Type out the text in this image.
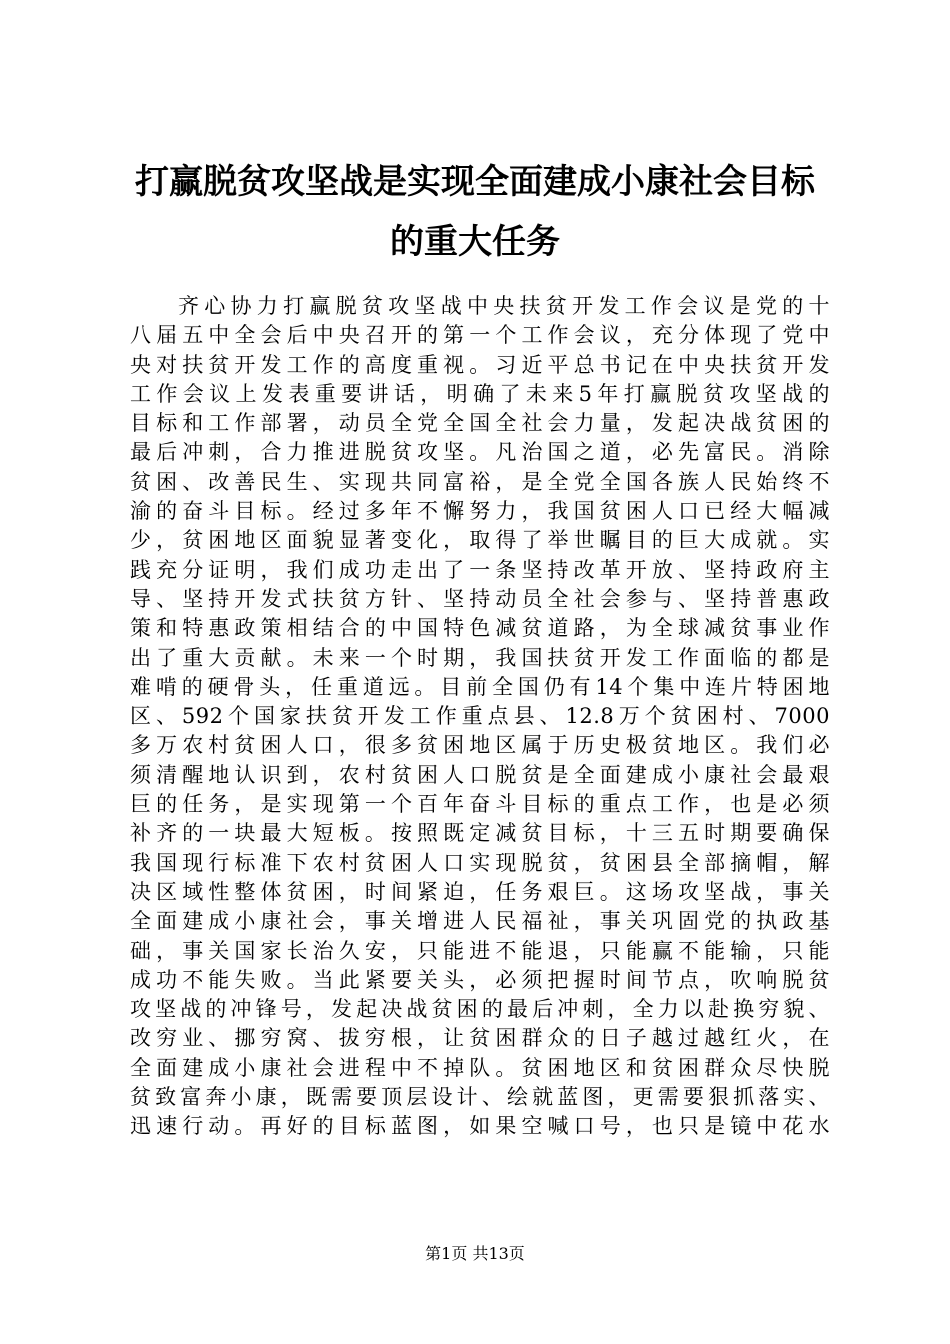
打赢脱贫攻坚战是实现全面建成小康社会目标
的重大任务
齐心协力打赢脱贫攻坚战中央扶贫开发工作会议是党的十
八届五中全会后中央召开的第一个工作会议，充分体现了党中
央对扶贫开发工作的高度重视。习近平总书记在中央扶贫开发
工作会议上发表重要讲话，明确了未来5年打赢脱贫攻坚战的
目标和工作部署，动员全党全国全社会力量，发起决战贫困的
最后冲刺，合力推进脱贫攻坚。凡治国之道，必先富民。消除
贫困、改善民生、实现共同富裕，是全党全国各族人民始终不
渝的奋斗目标。经过多年不懈努力，我国贫困人口已经大幅减
少，贫困地区面貌显著变化，取得了举世瞩目的巨大成就。实
践充分证明，我们成功走出了一条坚持改革开放、坚持政府主
导、坚持开发式扶贫方针、坚持动员全社会参与、坚持普惠政
策和特惠政策相结合的中国特色减贫道路，为全球减贫事业作
出了重大贡献。未来一个时期，我国扶贫开发工作面临的都是
难啃的硬骨头，任重道远。目前全国仍有14个集中连片特困地
区、592个国家扶贫开发工作重点县、12.8万个贫困村、7000
多万农村贫困人口，很多贫困地区属于历史极贫地区。我们必
须清醒地认识到，农村贫困人口脱贫是全面建成小康社会最艰
巨的任务，是实现第一个百年奋斗目标的重点工作，也是必须
补齐的一块最大短板。按照既定减贫目标，十三五时期要确保
我国现行标准下农村贫困人口实现脱贫，贫困县全部摘帽，解
决区域性整体贫困，时间紧迫，任务艰巨。这场攻坚战，事关
全面建成小康社会，事关增进人民福祉，事关巩固党的执政基
础，事关国家长治久安，只能进不能退，只能赢不能输，只能
成功不能失败。当此紧要关头，必须把握时间节点，吹响脱贫
攻坚战的冲锋号，发起决战贫困的最后冲刺，全力以赴换穷貌、
改穷业、挪穷窝、拔穷根，让贫困群众的日子越过越红火，在
全面建成小康社会进程中不掉队。贫困地区和贫困群众尽快脱
贫致富奔小康，既需要顶层设计、绘就蓝图，更需要狠抓落实、
迅速行动。再好的目标蓝图，如果空喊口号，也只是镜中花水
第1页 共13页
